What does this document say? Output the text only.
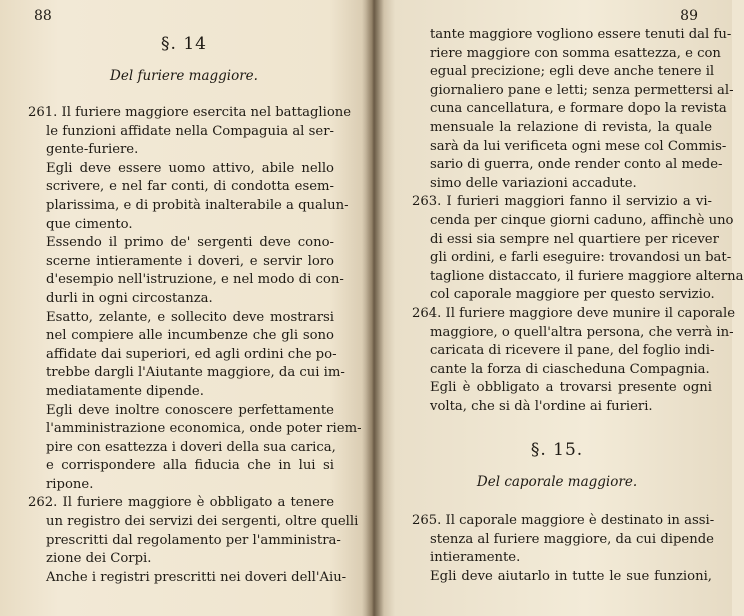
88
§. 14
Del furiere maggiore.
261. Il furiere maggiore esercita nel battaglione
le funzioni affidate nella Compaguia al ser-
gente-furiere.
Egli deve essere uomo attivo, abile nello
scrivere, e nel far conti, di condotta esem-
plarissima, e di probità inalterabile a qualun-
que cimento.
Essendo il primo de' sergenti deve cono-
scerne intieramente i doveri, e servir loro
d'esempio nell'istruzione, e nel modo di con-
durli in ogni circostanza.
Esatto, zelante, e sollecito deve mostrarsi
nel compiere alle incumbenze che gli sono
affidate dai superiori, ed agli ordini che po-
trebbe dargli l'Aiutante maggiore, da cui im-
mediatamente dipende.
Egli deve inoltre conoscere perfettamente
l'amministrazione economica, onde poter riem-
pire con esattezza i doveri della sua carica,
e corrispondere alla fiducia che in lui si
ripone.
262. Il furiere maggiore è obbligato a tenere
un registro dei servizi dei sergenti, oltre quelli
prescritti dal regolamento per l'amministra-
zione dei Corpi.
Anche i registri prescritti nei doveri dell'Aiu-
89
tante maggiore vogliono essere tenuti dal fu-
riere maggiore con somma esattezza, e con
egual precizione; egli deve anche tenere il
giornaliero pane e letti; senza permettersi al-
cuna cancellatura, e formare dopo la revista
mensuale la relazione di revista, la quale
sarà da lui verificeta ogni mese col Commis-
sario di guerra, onde render conto al mede-
simo delle variazioni accadute.
263. I furieri maggiori fanno il servizio a vi-
cenda per cinque giorni caduno, affinchè uno
di essi sia sempre nel quartiere per ricever
gli ordini, e farli eseguire: trovandosi un bat-
taglione distaccato, il furiere maggiore alterna
col caporale maggiore per questo servizio.
264. Il furiere maggiore deve munire il caporale
maggiore, o quell'altra persona, che verrà in-
caricata di ricevere il pane, del foglio indi-
cante la forza di ciascheduna Compagnia.
Egli è obbligato a trovarsi presente ogni
volta, che si dà l'ordine ai furieri.
§. 15.
Del caporale maggiore.
265. Il caporale maggiore è destinato in assi-
stenza al furiere maggiore, da cui dipende
intieramente.
Egli deve aiutarlo in tutte le sue funzioni,
